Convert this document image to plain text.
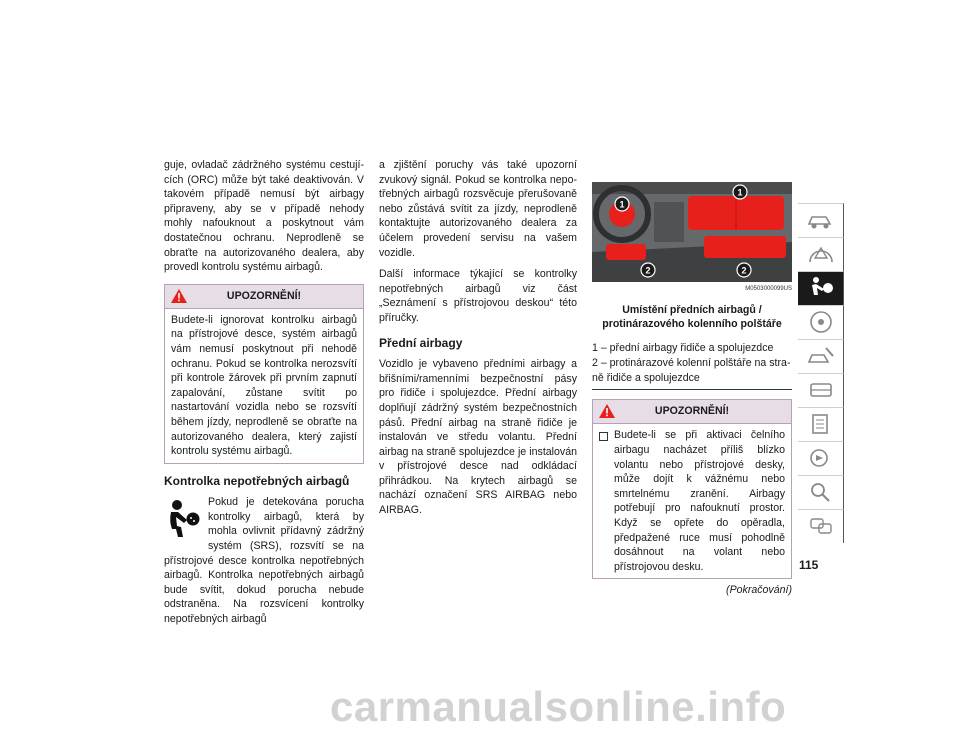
guje, ovladač zádržného systému cestujících (ORC) může být také deaktivován. V takovém případě nemusí být airbagy připraveny, aby se v případě nehody mohly nafouknout a poskytnout vám dostatečnou ochranu. Neprodleně se obraťte na autorizovaného dealera, aby provedl kontrolu systému airbagů.

UPOZORNĚNÍ!

Budete-li ignorovat kontrolku airbagů na přístrojové desce, systém airbagů vám nemusí poskytnout při nehodě ochranu. Pokud se kontrolka nerozsvítí při kontrole žárovek při prvním zapnutí zapalování, zůstane svítit po nastartování vozidla nebo se rozsvítí během jízdy, neprodleně se obraťte na autorizovaného dealera, který zajistí kontrolu systému airbagů.

Kontrolka nepotřebných airbagů

Pokud je detekována porucha kontrolky airbagů, která by mohla ovlivnit přídavný zádržný systém (SRS), rozsvítí se na přístrojové desce kontrolka nepotřebných airbagů. Kontrolka nepotřebných airbagů bude svítit, dokud porucha nebude odstraněna. Na rozsvícení kontrolky nepotřebných airbagů

a zjištění poruchy vás také upozorní zvukový signál. Pokud se kontrolka nepotřebných airbagů rozsvěcuje přerušovaně nebo zůstává svítit za jízdy, neprodleně kontaktujte autorizovaného dealera za účelem provedení servisu na vašem vozidle.

Další informace týkající se kontrolky nepotřebných airbagů viz část „Seznámení s přístrojovou deskou“ této příručky.

Přední airbagy

Vozidlo je vybaveno předními airbagy a břišními/ramenními bezpečnostní pásy pro řidiče i spolujezdce. Přední airbagy doplňují zádržný systém bezpečnostních pásů. Přední airbag na straně řidiče je instalován ve středu volantu. Přední airbag na straně spolujezdce je instalován v přístrojové desce nad odkládací přihrádkou. Na krytech airbagů se nachází označení SRS AIRBAG nebo AIRBAG.

1
1
2	2
M0503000099US
Umístění předních airbagů / protinárazového kolenního polštáře
1 – přední airbagy řidiče a spolujezdce
2 – protinárazové kolenní polštáře na straně řidiče a spolujezdce
UPOZORNĚNÍ!

Budete-li se při aktivaci čelního airbagu nacházet příliš blízko volantu nebo přístrojové desky, může dojít k vážnému nebo smrtelnému zranění. Airbagy potřebují pro nafouknutí prostor. Když se opřete do opěradla, předpažené ruce musí pohodlně dosáhnout na volant nebo přístrojovou desku.

(Pokračování)
115
carmanualsonline.info
